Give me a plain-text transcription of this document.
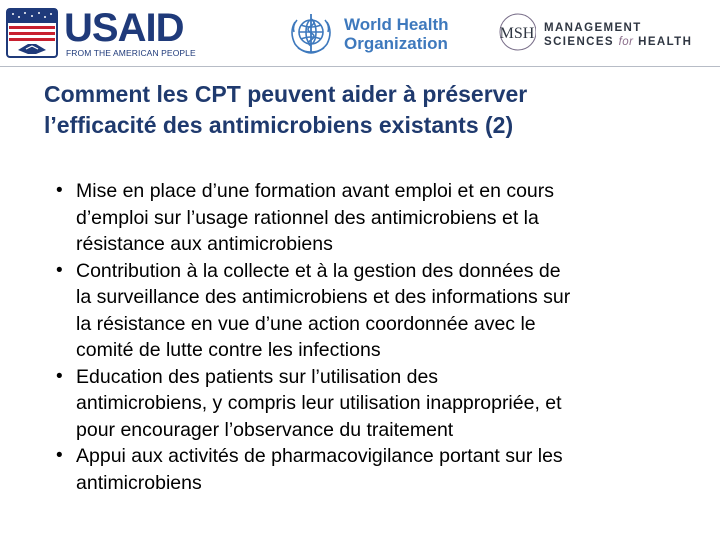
USAID
FROM THE AMERICAN PEOPLE
World Health
Organization
MSH MANAGEMENT
SCIENCES for HEALTH
Comment les CPT peuvent aider à préserver
l’efficacité des antimicrobiens existants (2)
• Mise en place d’une formation avant emploi et en cours
d’emploi sur l’usage rationnel des antimicrobiens et la
résistance aux antimicrobiens
• Contribution à la collecte et à la gestion des données de
la surveillance des antimicrobiens et des informations sur
la résistance en vue d’une action coordonnée avec le
comité de lutte contre les infections
• Education des patients sur l’utilisation des
antimicrobiens, y compris leur utilisation inappropriée, et
pour encourager l’observance du traitement
• Appui aux activités de pharmacovigilance portant sur les
antimicrobiens
